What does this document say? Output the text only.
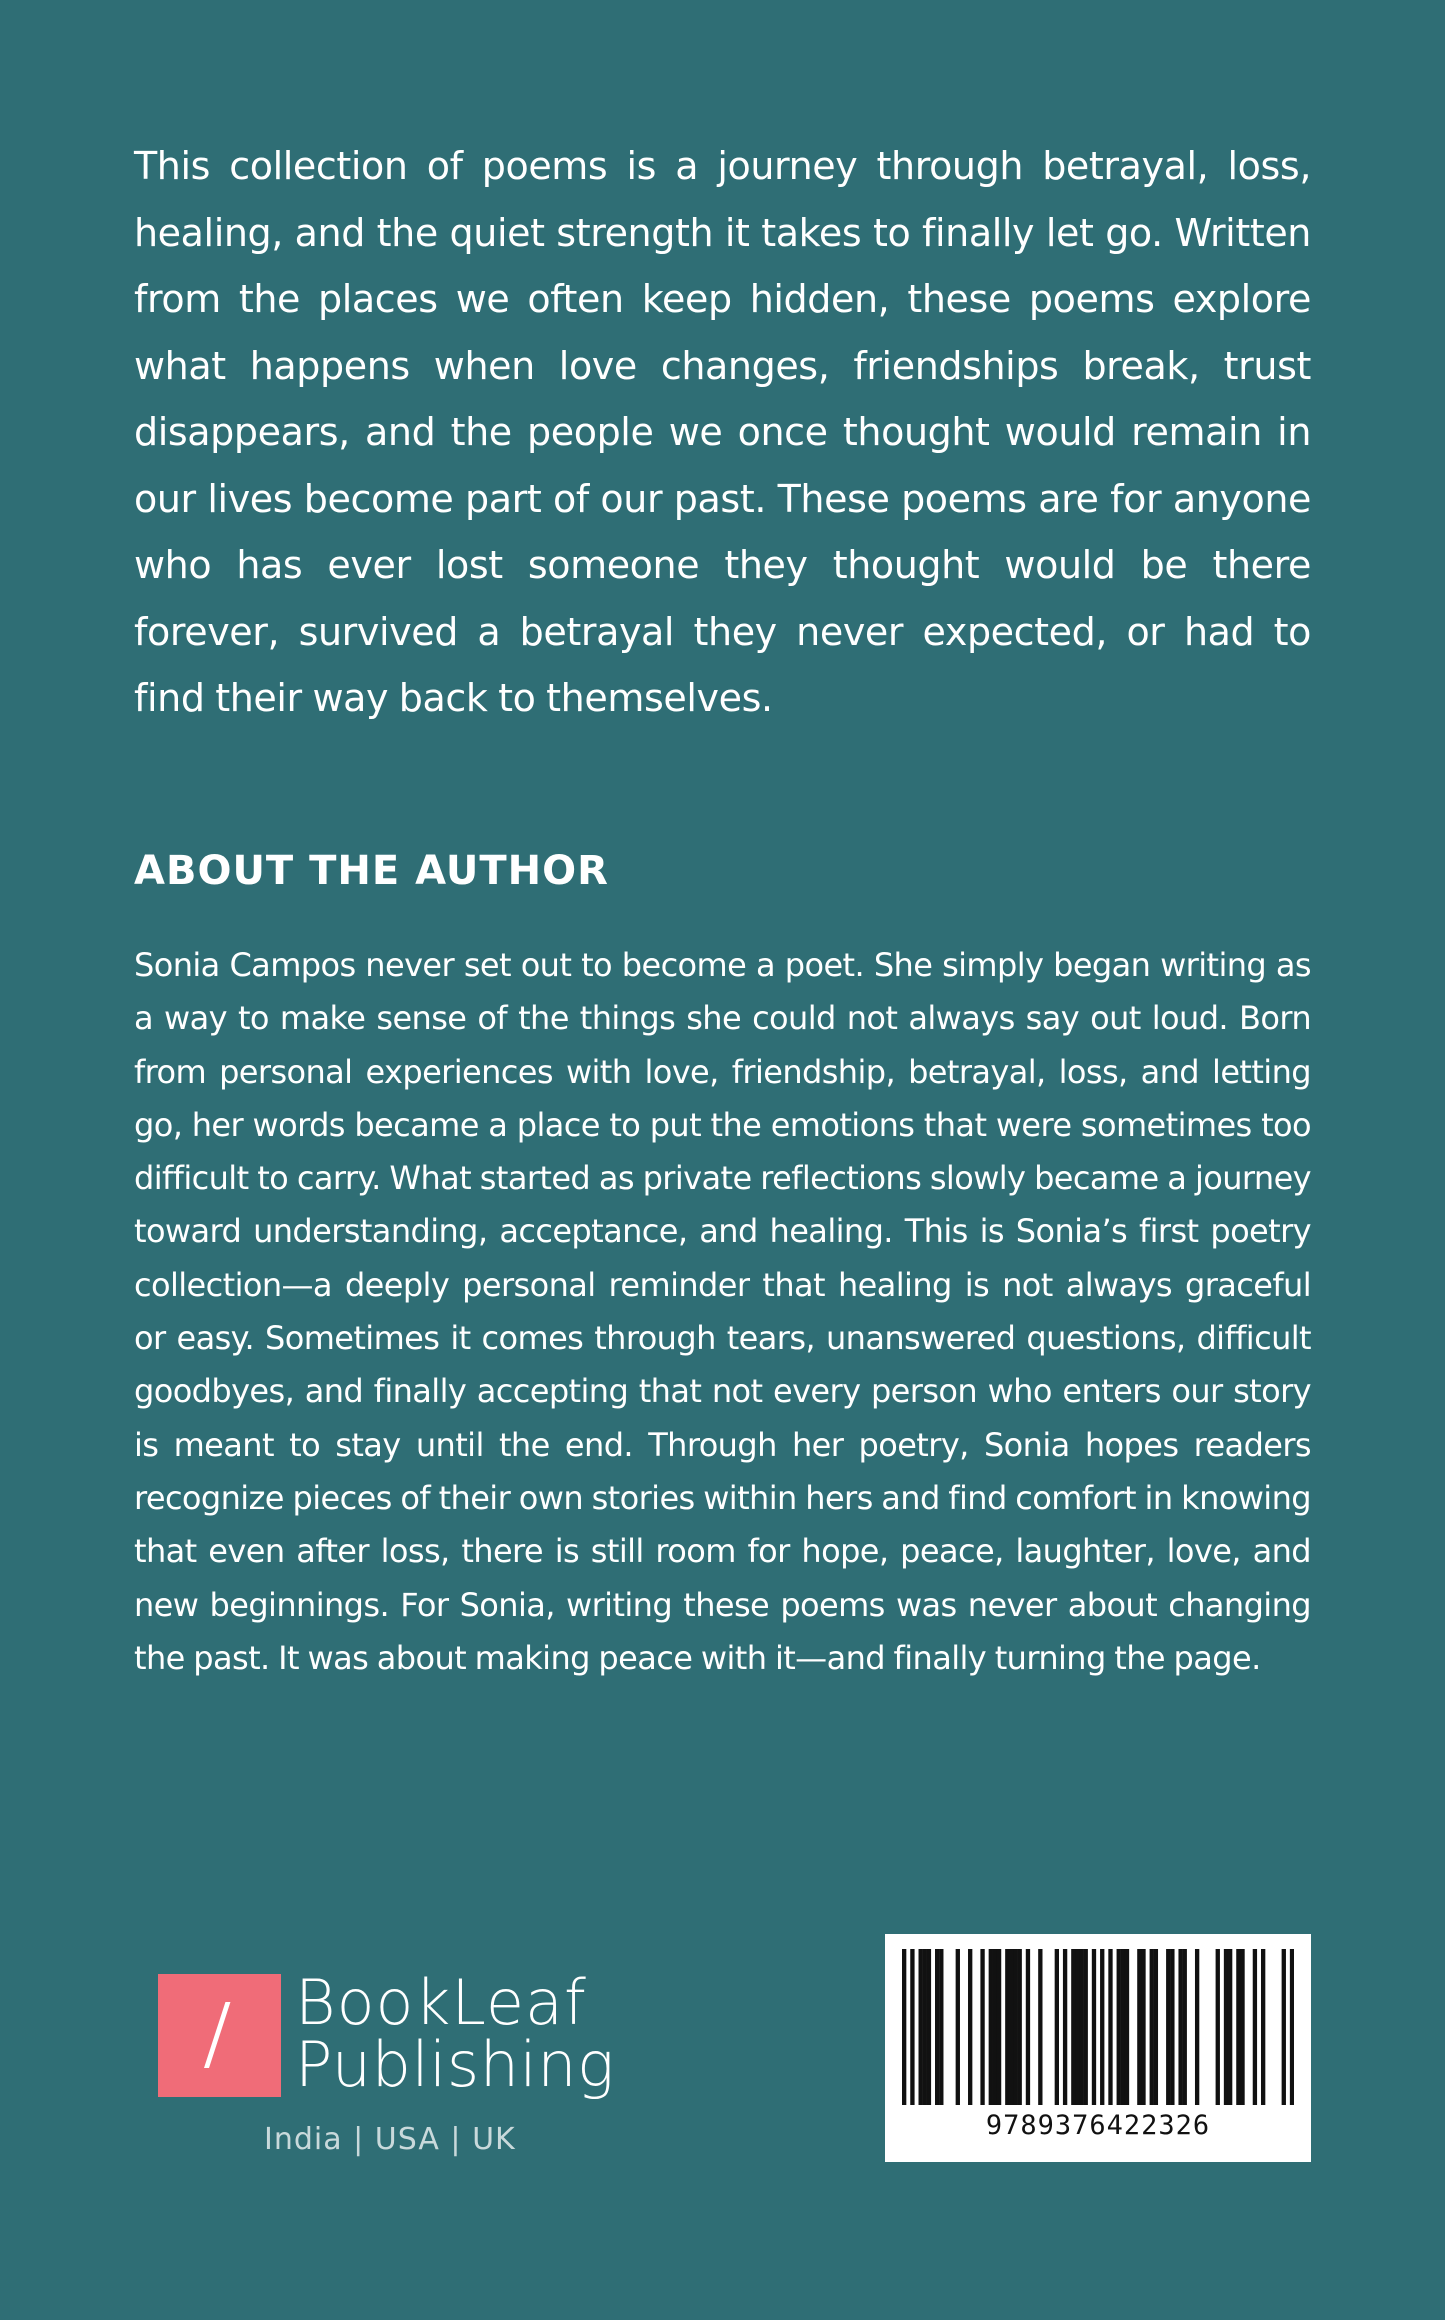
This collection of poems is a journey through betrayal, loss, healing, and the quiet strength it takes to finally let go. Written from the places we often keep hidden, these poems explore what happens when love changes, friendships break, trust disappears, and the people we once thought would remain in our lives become part of our past. These poems are for anyone who has ever lost someone they thought would be there forever, survived a betrayal they never expected, or had to find their way back to themselves.

ABOUT THE AUTHOR

Sonia Campos never set out to become a poet. She simply began writing as a way to make sense of the things she could not always say out loud. Born from personal experiences with love, friendship, betrayal, loss, and letting go, her words became a place to put the emotions that were sometimes too difficult to carry. What started as private reflections slowly became a journey toward understanding, acceptance, and healing. This is Sonia’s first poetry collection—a deeply personal reminder that healing is not always graceful or easy. Sometimes it comes through tears, unanswered questions, difficult goodbyes, and finally accepting that not every person who enters our story is meant to stay until the end. Through her poetry, Sonia hopes readers recognize pieces of their own stories within hers and find comfort in knowing that even after loss, there is still room for hope, peace, laughter, love, and new beginnings. For Sonia, writing these poems was never about changing the past. It was about making peace with it—and finally turning the page.

BookLeaf

Publishing

India | USA | UK	9789376422326
